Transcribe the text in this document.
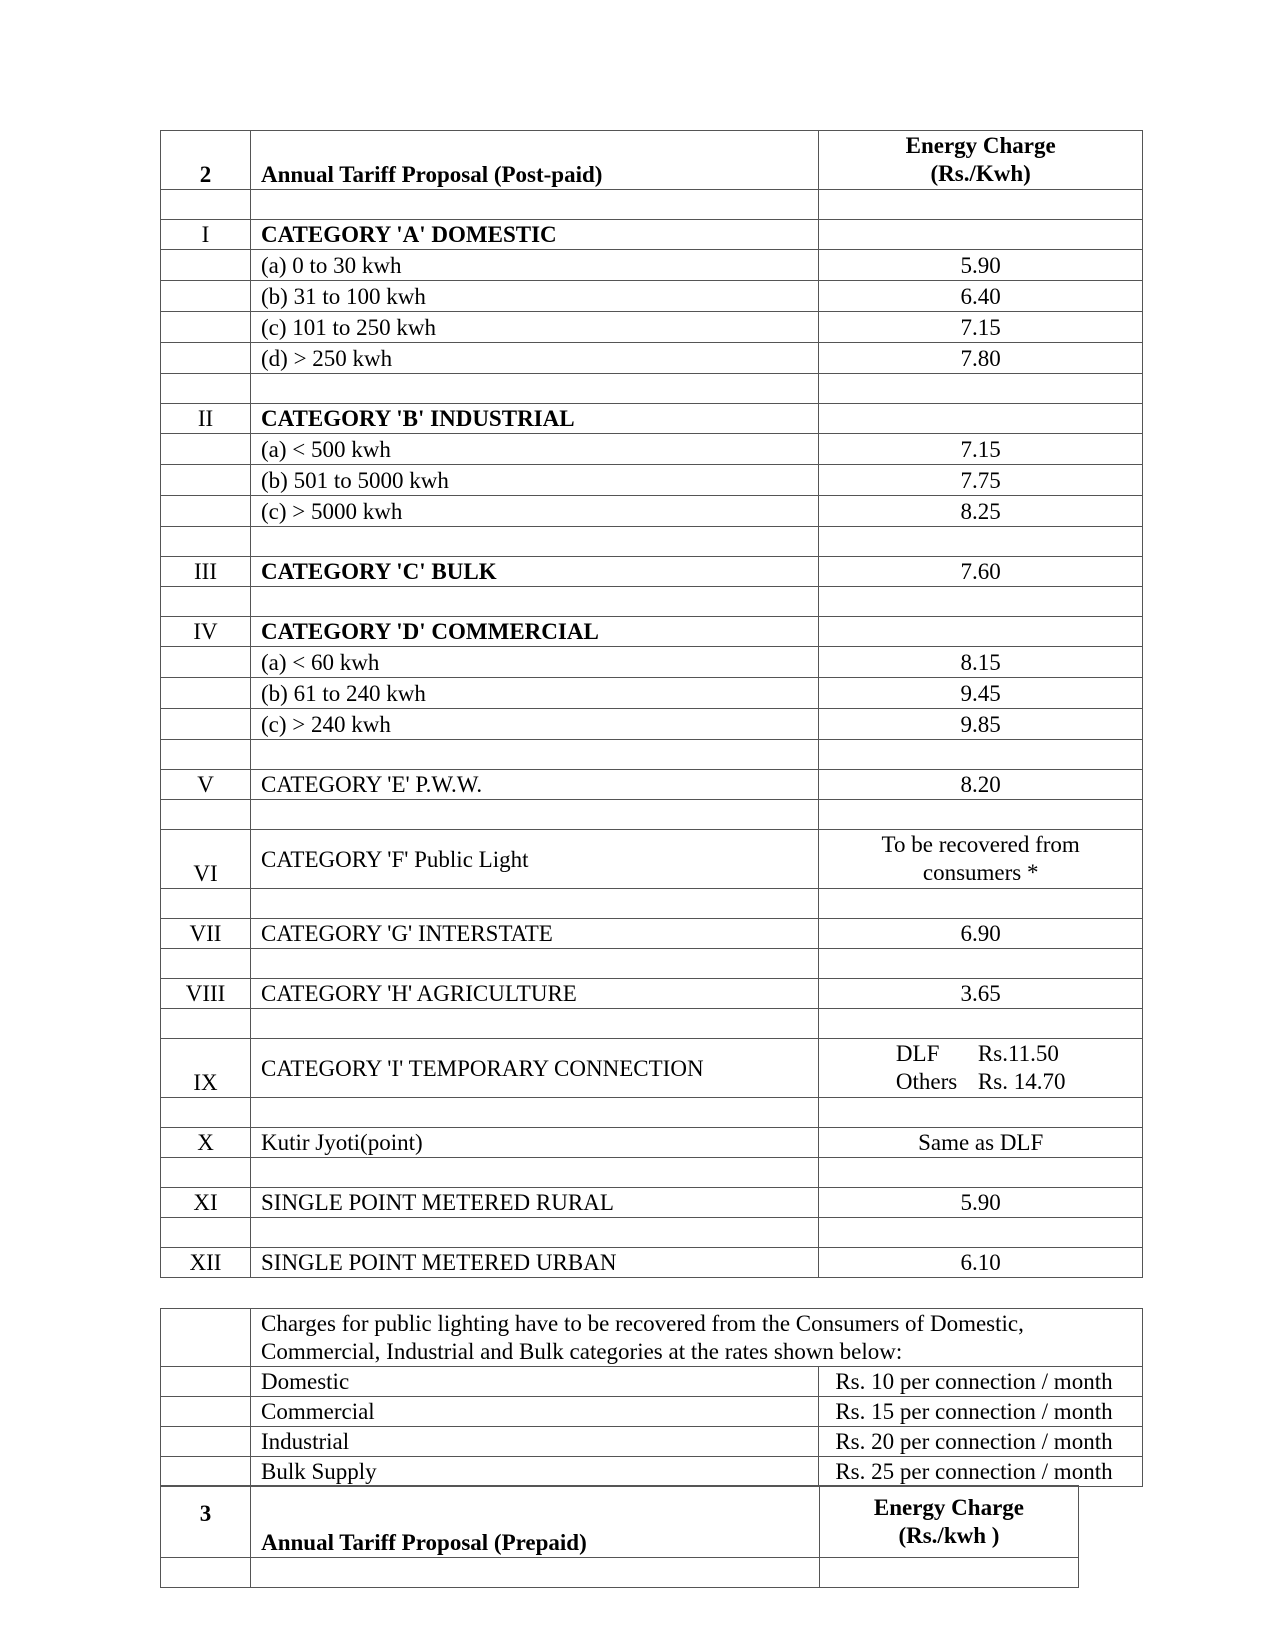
2	Annual Tariff Proposal (Post-paid)	Energy Charge
(Rs./Kwh)

I	CATEGORY 'A' DOMESTIC	
	(a) 0 to 30 kwh	5.90
	(b) 31 to 100 kwh	6.40
	(c) 101 to 250 kwh	7.15
	(d) > 250 kwh	7.80

II	CATEGORY 'B' INDUSTRIAL	
	(a) < 500 kwh	7.15
	(b) 501 to 5000 kwh	7.75
	(c) > 5000 kwh	8.25

III	CATEGORY 'C' BULK	7.60

IV	CATEGORY 'D' COMMERCIAL	
	(a) < 60 kwh	8.15
	(b) 61 to 240 kwh	9.45
	(c) > 240 kwh	9.85

V	CATEGORY 'E' P.W.W.	8.20

VI	CATEGORY 'F' Public Light	To be recovered from
consumers *

VII	CATEGORY 'G' INTERSTATE	6.90

VIII	CATEGORY 'H' AGRICULTURE	3.65

IX	CATEGORY 'I' TEMPORARY CONNECTION	DLF Rs.11.50
Others Rs. 14.70

X	Kutir Jyoti(point)	Same as DLF

XI	SINGLE POINT METERED RURAL	5.90

XII	SINGLE POINT METERED URBAN	6.10

	Charges for public lighting have to be recovered from the Consumers of Domestic,
Commercial, Industrial and Bulk categories at the rates shown below:	

	Domestic	Rs. 10 per connection / month
	Commercial	Rs. 15 per connection / month
	Industrial	Rs. 20 per connection / month
	Bulk Supply	Rs. 25 per connection / month
3	Annual Tariff Proposal (Prepaid)	Energy Charge
(Rs./kwh )
